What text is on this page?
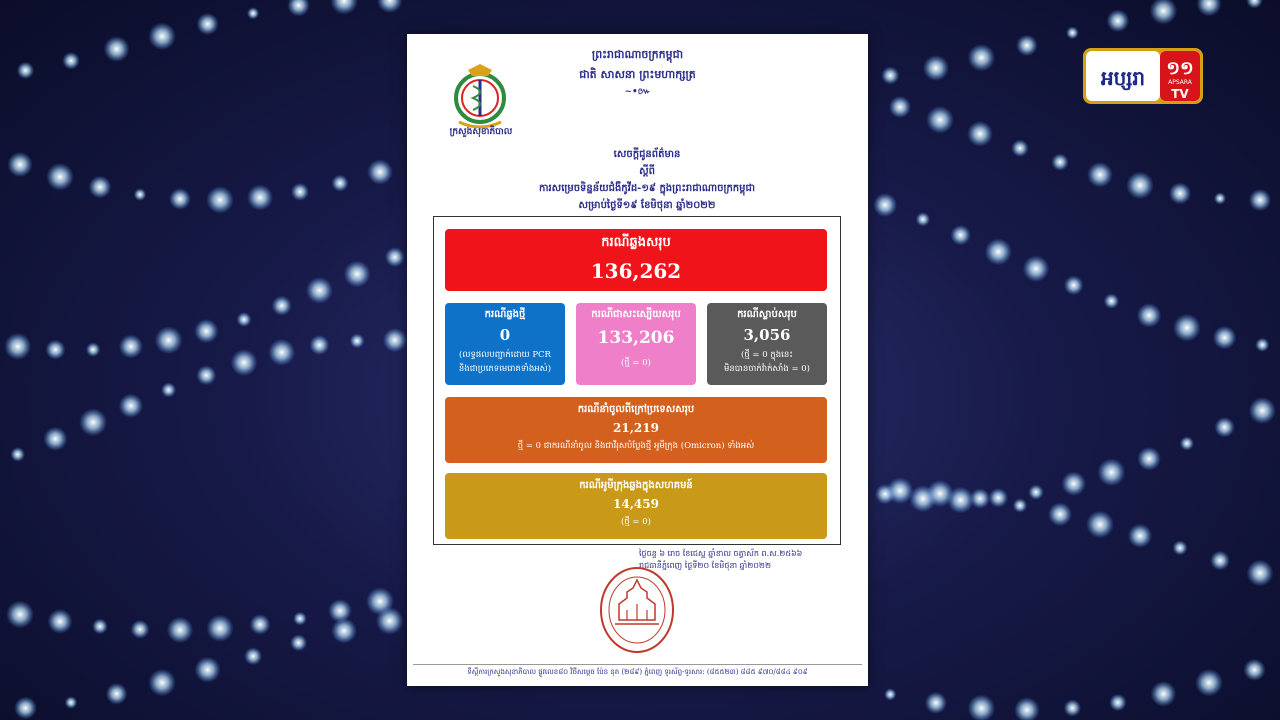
ព្រះរាជាណាចក្រកម្ពុជា
ជាតិ សាសនា ព្រះមហាក្សត្រ
~•៚
ក្រសួងសុខាភិបាល
សេចក្តីជូនព័ត៌មាន
ស្តីពី
ការសម្រេចទិន្នន័យជំងឺកូវីដ-១៩ ក្នុងព្រះរាជាណាចក្រកម្ពុជា
សម្រាប់ថ្ងៃទី១៩ ខែមិថុនា ឆ្នាំ២០២២
ករណីឆ្លងសរុប
136,262
ករណីឆ្លងថ្មី
0
(លទ្ធផលបញ្ជាក់ដោយ PCR
និងជាប្រភេទមេរោគទាំងអស់)
ករណីជាសះស្បើយសរុប
133,206
(ថ្មី = 0)
ករណីស្លាប់សរុប
3,056
(ថ្មី = 0 ក្នុងនេះ
មិនបានចាក់វ៉ាក់សាំង = 0)
ករណីនាំចូលពីក្រៅប្រទេសសរុប
21,219
ថ្មី = 0 ជាករណីនាំចូល និងជាវីរុសបំប្លែងថ្មី អូមីក្រុង (Omicron) ទាំងអស់
ករណីអូមីក្រុងឆ្លងក្នុងសហគមន៍
14,459
(ថ្មី = 0)
ថ្ងៃចន្ទ ៦ រោច ខែជេស្ឋ ឆ្នាំខាល ចត្វាស័ក ព.ស.២៥៦៦
រាជធានីភ្នំពេញ ថ្ងៃទី២០ ខែមិថុនា ឆ្នាំ២០២២
ទីស្តីការក្រសួងសុខាភិបាល ផ្លូវលេខ៨០ វិថីសម្តេច ប៉ែន នុត (២៨៩) ភ្នំពេញ ទូរស័ព្ទ-ទូរសារ: (៨៥៥២៣) ៨៨៥ ៩៧០/៨៨៤ ៩០៩
អប្សរា ១១
APSARA
TV
